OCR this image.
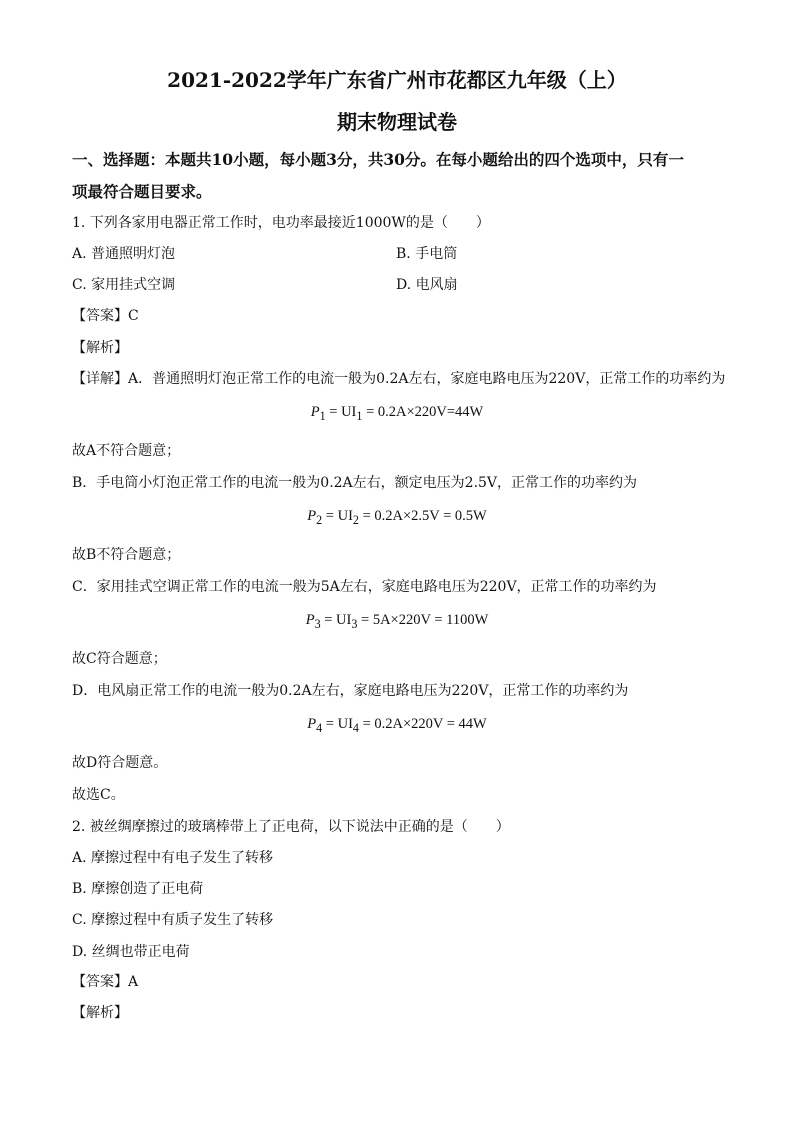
2021-2022学年广东省广州市花都区九年级（上）
期末物理试卷
一、选择题：本题共10小题，每小题3分，共30分。在每小题给出的四个选项中，只有一
项最符合题目要求。
1. 下列各家用电器正常工作时，电功率最接近1000W的是（　　）
A. 普通照明灯泡	B. 手电筒
C. 家用挂式空调	D. 电风扇
【答案】C
【解析】
【详解】A．普通照明灯泡正常工作的电流一般为0.2A左右，家庭电路电压为220V，正常工作的功率约为
$P_1 = UI_1 = 0.2A\times 220V=44W$
故A不符合题意；
B．手电筒小灯泡正常工作的电流一般为0.2A左右，额定电压为2.5V，正常工作的功率约为
$P_2 = UI_2 = 0.2A\times 2.5V = 0.5W$
故B不符合题意；
C．家用挂式空调正常工作的电流一般为5A左右，家庭电路电压为220V，正常工作的功率约为
$P_3 = UI_3 = 5A\times 220V = 1100W$
故C符合题意；
D．电风扇正常工作的电流一般为0.2A左右，家庭电路电压为220V，正常工作的功率约为
$P_4 = UI_4 = 0.2A\times 220V = 44W$
故D符合题意。
故选C。
2. 被丝绸摩擦过的玻璃棒带上了正电荷，以下说法中正确的是（　　）
A. 摩擦过程中有电子发生了转移
B. 摩擦创造了正电荷
C. 摩擦过程中有质子发生了转移
D. 丝绸也带正电荷
【答案】A
【解析】
